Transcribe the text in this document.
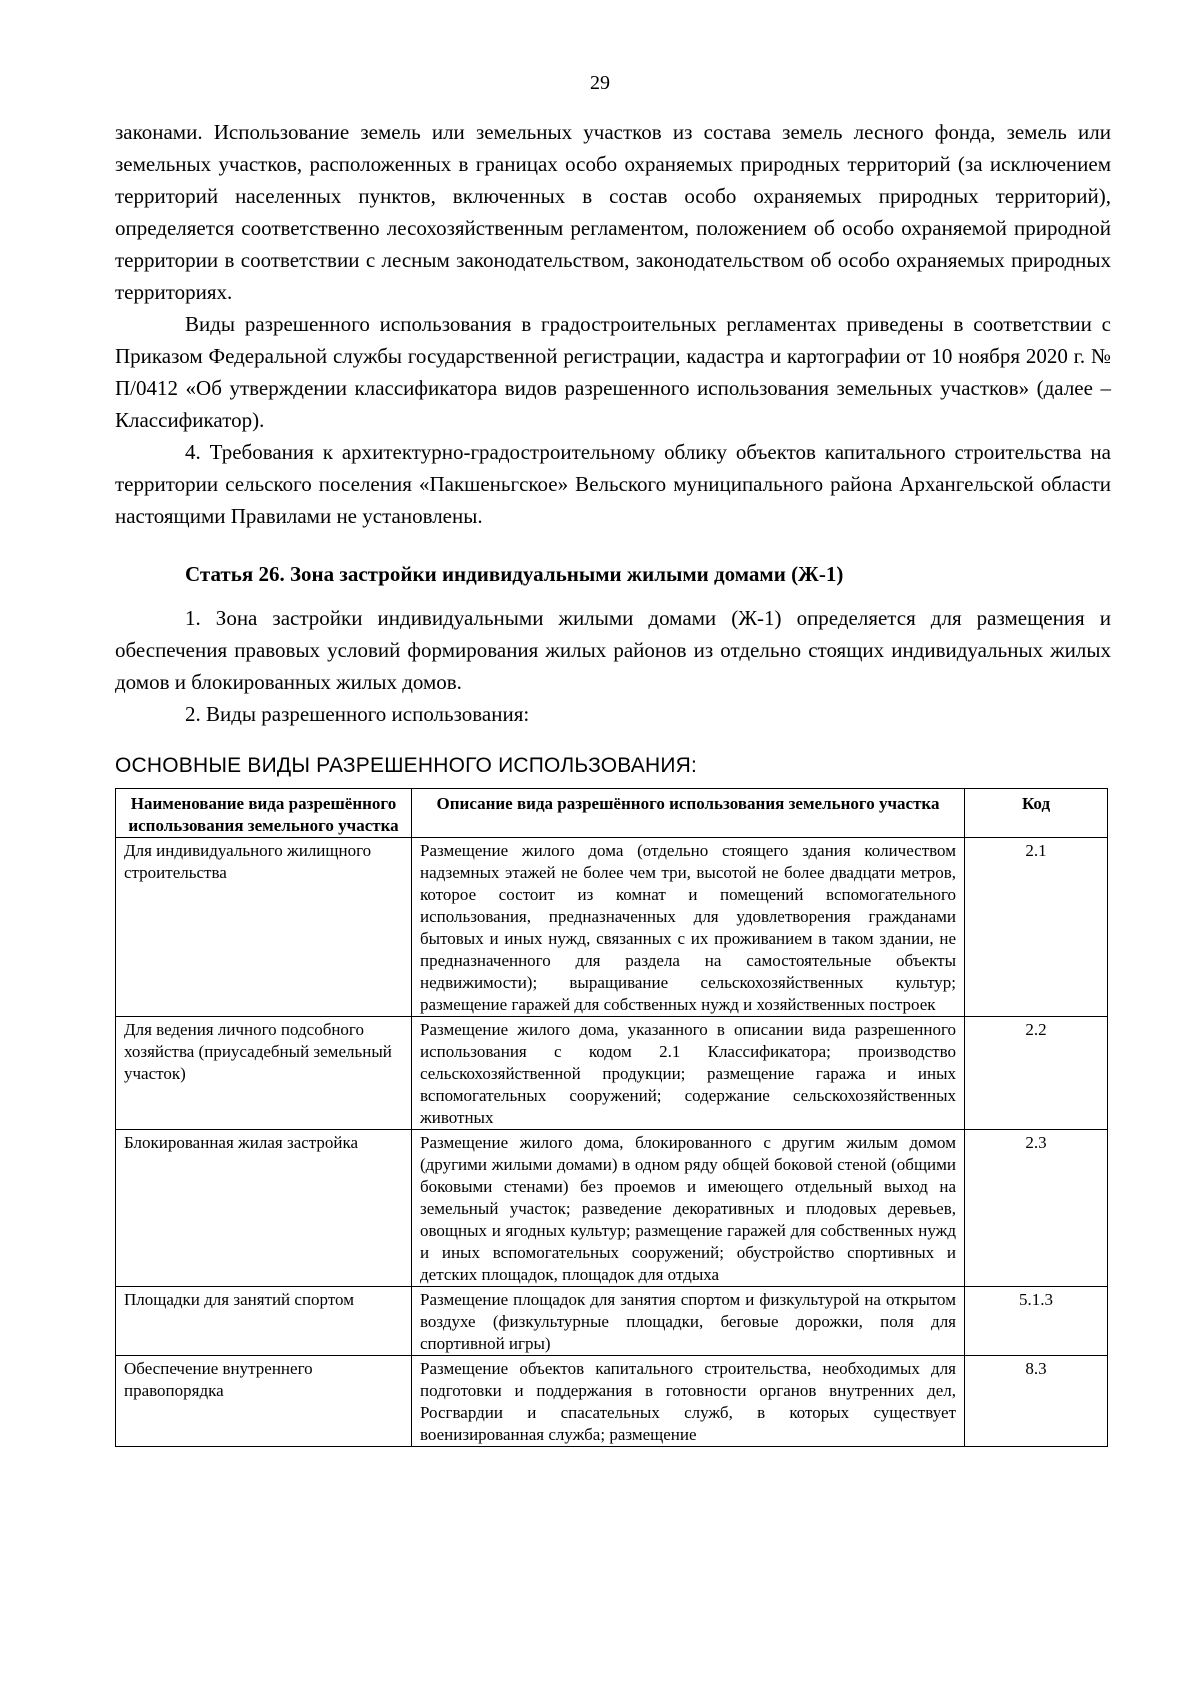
29

законами. Использование земель или земельных участков из состава земель лесного фонда, земель или земельных участков, расположенных в границах особо охраняемых природных территорий (за исключением территорий населенных пунктов, включенных в состав особо охраняемых природных территорий), определяется соответственно лесохозяйственным регламентом, положением об особо охраняемой природной территории в соответствии с лесным законодательством, законодательством об особо охраняемых природных территориях.

Виды разрешенного использования в градостроительных регламентах приведены в соответствии с Приказом Федеральной службы государственной регистрации, кадастра и картографии от 10 ноября 2020 г. № П/0412 «Об утверждении классификатора видов разрешенного использования земельных участков» (далее – Классификатор).

4. Требования к архитектурно-градостроительному облику объектов капитального строительства на территории сельского поселения «Пакшеньгское» Вельского муниципального района Архангельской области настоящими Правилами не установлены.

Статья 26. Зона застройки индивидуальными жилыми домами (Ж-1)

1. Зона застройки индивидуальными жилыми домами (Ж-1) определяется для размещения и обеспечения правовых условий формирования жилых районов из отдельно стоящих индивидуальных жилых домов и блокированных жилых домов.

2. Виды разрешенного использования:

ОСНОВНЫЕ ВИДЫ РАЗРЕШЕННОГО ИСПОЛЬЗОВАНИЯ:

Наименование вида разрешённого использования земельного участка	Описание вида разрешённого использования земельного участка	Код
Для индивидуального жилищного строительства	Размещение жилого дома (отдельно стоящего здания количеством надземных этажей не более чем три, высотой не более двадцати метров, которое состоит из комнат и помещений вспомогательного использования, предназначенных для удовлетворения гражданами бытовых и иных нужд, связанных с их проживанием в таком здании, не предназначенного для раздела на самостоятельные объекты недвижимости); выращивание сельскохозяйственных культур; размещение гаражей для собственных нужд и хозяйственных построек	2.1
Для ведения личного подсобного хозяйства (приусадебный земельный участок)	Размещение жилого дома, указанного в описании вида разрешенного использования с кодом 2.1 Классификатора; производство сельскохозяйственной продукции; размещение гаража и иных вспомогательных сооружений; содержание сельскохозяйственных животных	2.2
Блокированная жилая застройка	Размещение жилого дома, блокированного с другим жилым домом (другими жилыми домами) в одном ряду общей боковой стеной (общими боковыми стенами) без проемов и имеющего отдельный выход на земельный участок; разведение декоративных и плодовых деревьев, овощных и ягодных культур; размещение гаражей для собственных нужд и иных вспомогательных сооружений; обустройство спортивных и детских площадок, площадок для отдыха	2.3
Площадки для занятий спортом	Размещение площадок для занятия спортом и физкультурой на открытом воздухе (физкультурные площадки, беговые дорожки, поля для спортивной игры)	5.1.3
Обеспечение внутреннего правопорядка	Размещение объектов капитального строительства, необходимых для подготовки и поддержания в готовности органов внутренних дел, Росгвардии и спасательных служб, в которых существует военизированная служба; размещение	8.3
